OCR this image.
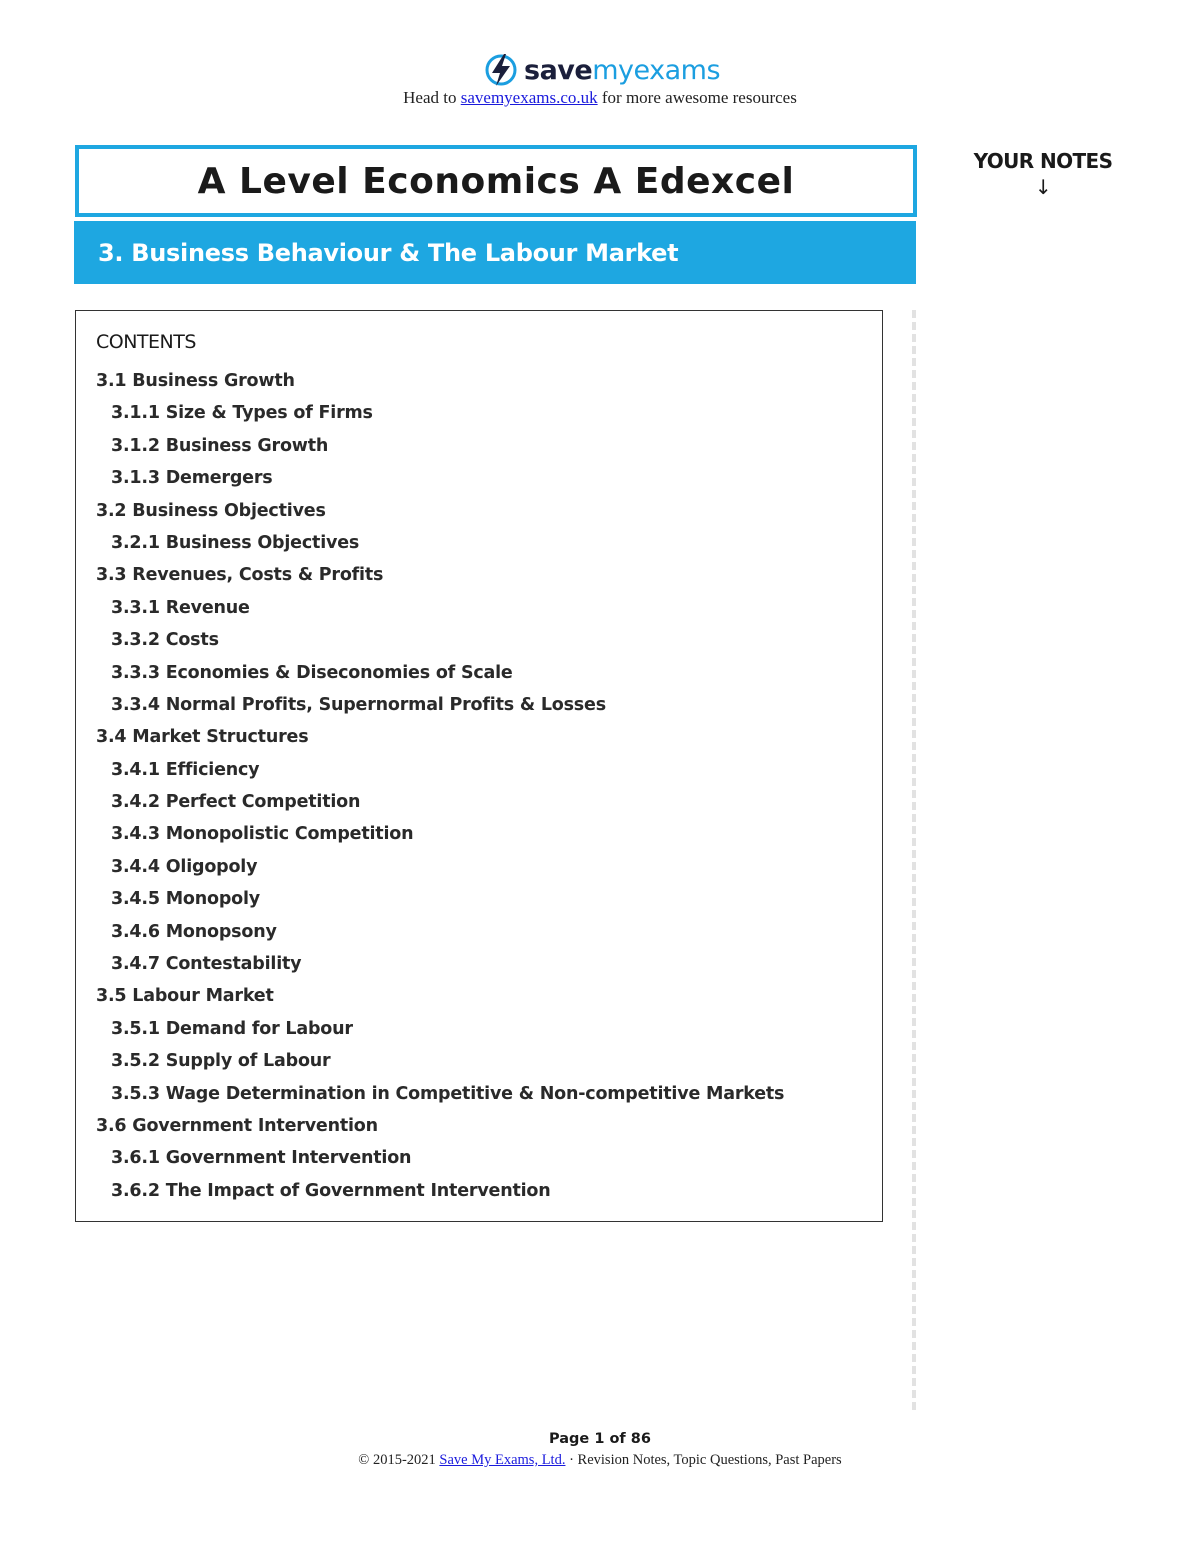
savemyexams
Head to savemyexams.co.uk for more awesome resources
A Level Economics A Edexcel
3. Business Behaviour & The Labour Market
YOUR NOTES
↓
CONTENTS
3.1 Business Growth
3.1.1 Size & Types of Firms
3.1.2 Business Growth
3.1.3 Demergers
3.2 Business Objectives
3.2.1 Business Objectives
3.3 Revenues, Costs & Profits
3.3.1 Revenue
3.3.2 Costs
3.3.3 Economies & Diseconomies of Scale
3.3.4 Normal Profits, Supernormal Profits & Losses
3.4 Market Structures
3.4.1 Efficiency
3.4.2 Perfect Competition
3.4.3 Monopolistic Competition
3.4.4 Oligopoly
3.4.5 Monopoly
3.4.6 Monopsony
3.4.7 Contestability
3.5 Labour Market
3.5.1 Demand for Labour
3.5.2 Supply of Labour
3.5.3 Wage Determination in Competitive & Non-competitive Markets
3.6 Government Intervention
3.6.1 Government Intervention
3.6.2 The Impact of Government Intervention
Page 1 of 86
© 2015-2021 Save My Exams, Ltd. · Revision Notes, Topic Questions, Past Papers
